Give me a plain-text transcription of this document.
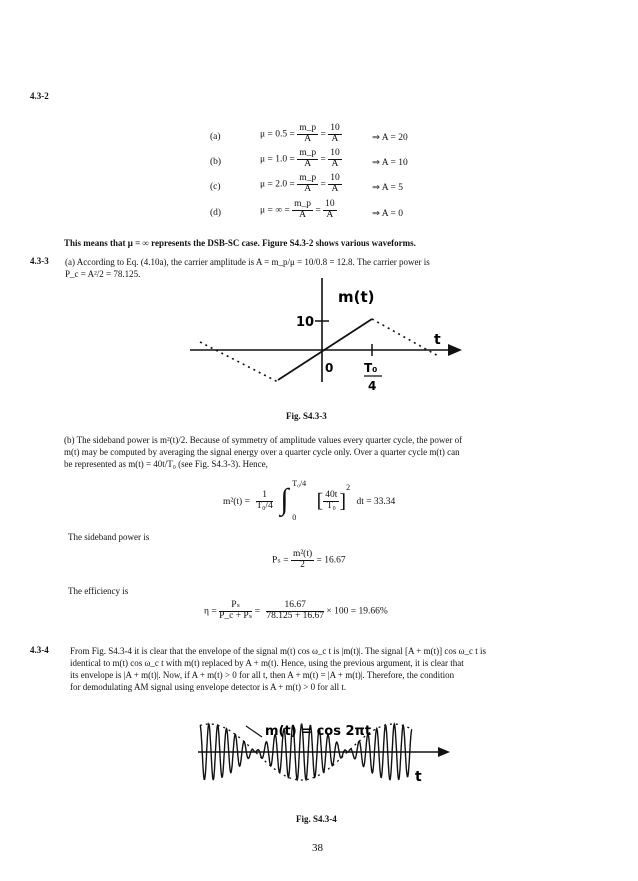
4.3-2
(a)	$\mu = 0.5 = \frac{m\_p}{A} = \frac{10}{A}$	⇒ A = 20
(b)	$\mu = 1.0 = \frac{m\_p}{A} = \frac{10}{A}$	⇒ A = 10
(c)	$\mu = 2.0 = \frac{m\_p}{A} = \frac{10}{A}$	⇒ A = 5
(d)	μ = ∞ = $\frac{m\_p}{A} = \frac{10}{A}$	⇒ A = 0
This means that μ = ∞ represents the DSB-SC case. Figure S4.3-2 shows various waveforms.
4.3-3 (a) According to Eq. (4.10a), the carrier amplitude is A = m_p/μ = 10/0.8 = 12.8. The carrier power is
P_c = A²/2 = 78.125.
m(t)
10
0	T₀
4
t
m(t) = cos 2πt
t
Fig. S4.3-3
(b) The sideband power is m²(t)/2. Because of symmetry of amplitude values every quarter cycle, the power of
m(t) may be computed by averaging the signal energy over a quarter cycle only. Over a quarter cycle m(t) can
be represented as m(t) = 40t/T₀ (see Fig. S4.3-3). Hence,
$m^2(t) = \frac{1}{\text{T₀/4}}$
∫ T₀/4
0
[ $\frac{40t}{\text{T₀}} ]^2$ dt = 33.34
The sideband power is
$P_s = \frac{\text{m²(t)}}{2} = 16.67$
The efficiency is
$\eta = \frac{\text{Pₛ}}{\text{P\_c + Pₛ}} = \frac{16.67}{78.125 + 16.67} \times 100 = 19.66\%$
4.3-4 From Fig. S4.3-4 it is clear that the envelope of the signal m(t) cos ω_c t is |m(t)|. The signal [A + m(t)] cos ω_c t is
identical to m(t) cos ω_c t with m(t) replaced by A + m(t). Hence, using the previous argument, it is clear that
its envelope is |A + m(t)|. Now, if A + m(t) > 0 for all t, then A + m(t) = |A + m(t)|. Therefore, the condition
for demodulating AM signal using envelope detector is A + m(t) > 0 for all t.
Fig. S4.3-4
38
